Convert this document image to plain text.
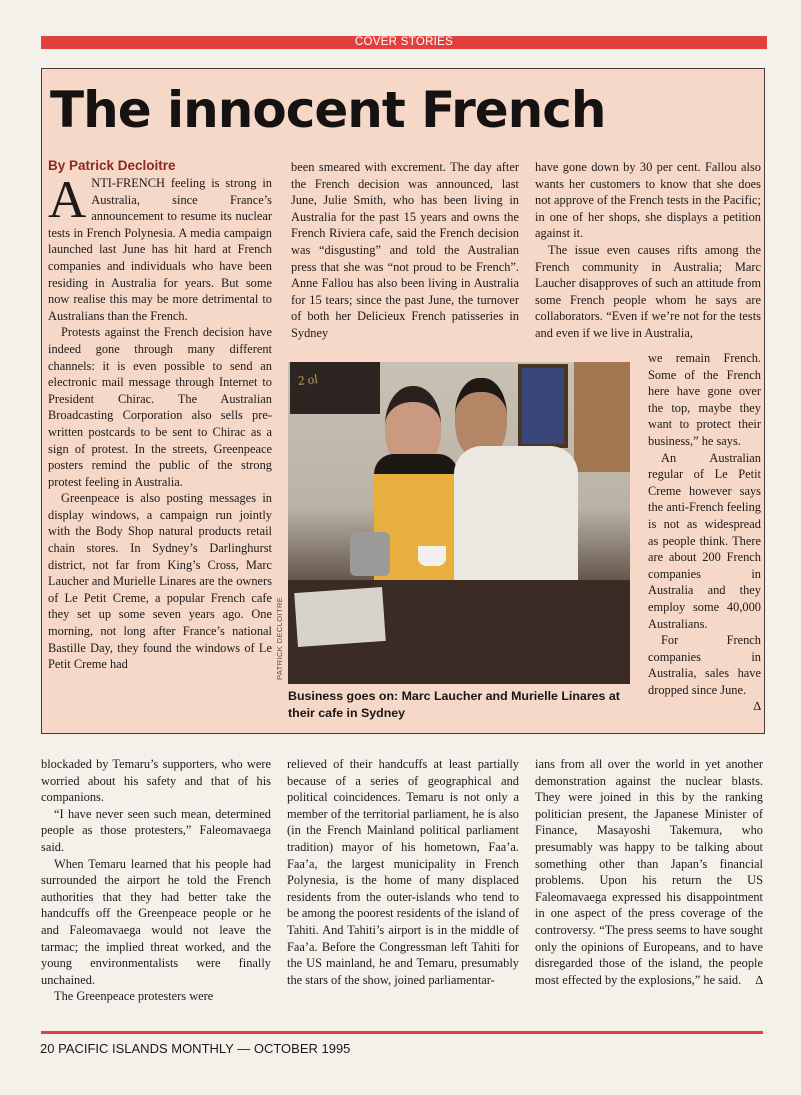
COVER STORIES
The innocent French

By Patrick Decloitre

ANTI-FRENCH feeling is strong in Australia, since France’s announcement to resume its nuclear tests in French Polynesia. A media campaign launched last June has hit hard at French companies and individuals who have been residing in Australia for years. But some now realise this may be more detrimental to Australians than the French.

Protests against the French decision have indeed gone through many different channels: it is even possible to send an electronic mail message through Internet to President Chirac. The Australian Broadcasting Corporation also sells pre-written postcards to be sent to Chirac as a sign of protest. In the streets, Greenpeace posters remind the public of the strong protest feeling in Australia.

Greenpeace is also posting messages in display windows, a campaign run jointly with the Body Shop natural products retail chain stores. In Sydney’s Darlinghurst district, not far from King’s Cross, Marc Laucher and Murielle Linares are the owners of Le Petit Creme, a popular French cafe they set up some seven years ago. One morning, not long after France’s national Bastille Day, they found the windows of Le Petit Creme had

been smeared with excrement. The day after the French decision was announced, last June, Julie Smith, who has been living in Australia for the past 15 years and owns the French Riviera cafe, said the French decision was “disgusting” and told the Australian press that she was “not proud to be French”. Anne Fallou has also been living in Australia for 15 tears; since the past June, the turnover of both her Delicieux French patisseries in Sydney

have gone down by 30 per cent. Fallou also wants her customers to know that she does not approve of the French tests in the Pacific; in one of her shops, she displays a petition against it.

The issue even causes rifts among the French community in Australia; Marc Laucher disapproves of such an attitude from some French people whom he says are collaborators. “Even if we’re not for the tests and even if we live in Australia,

we remain French. Some of the French here have gone over the top, maybe they want to protect their business,” he says.

An Australian regular of Le Petit Creme however says the anti-French feeling is not as widespread as people think. There are about 200 French companies in Australia and they employ some 40,000 Australians.

For French companies in Australia, sales have dropped since June.
∆

2 ol
PATRICK DECLOITRE

Business goes on: Marc Laucher and Murielle Linares at their cafe in Sydney

blockaded by Temaru’s supporters, who were worried about his safety and that of his companions.

“I have never seen such mean, determined people as those protesters,” Faleomavaega said.

When Temaru learned that his people had surrounded the airport he told the French authorities that they had better take the handcuffs off the Greenpeace people or he and Faleomavaega would not leave the tarmac; the implied threat worked, and the young environmentalists were finally unchained.

The Greenpeace protesters were

relieved of their handcuffs at least partially because of a series of geographical and political coincidences. Temaru is not only a member of the territorial parliament, he is also (in the French Mainland political parliament tradition) mayor of his hometown, Faa’a. Faa’a, the largest municipality in French Polynesia, is the home of many displaced residents from the outer-islands who tend to be among the poorest residents of the island of Tahiti. And Tahiti’s airport is in the middle of Faa’a. Before the Congressman left Tahiti for the US mainland, he and Temaru, presumably the stars of the show, joined parliamentar-

ians from all over the world in yet another demonstration against the nuclear blasts. They were joined in this by the ranking politician present, the Japanese Minister of Finance, Masayoshi Takemura, who presumably was happy to be talking about something other than Japan’s financial problems. Upon his return the US Faleomavaega expressed his disappointment in one aspect of the press coverage of the controversy. “The press seems to have sought only the opinions of Europeans, and to have disregarded those of the island, the people most effected by the explosions,” he said. ∆

20 PACIFIC ISLANDS MONTHLY — OCTOBER 1995
